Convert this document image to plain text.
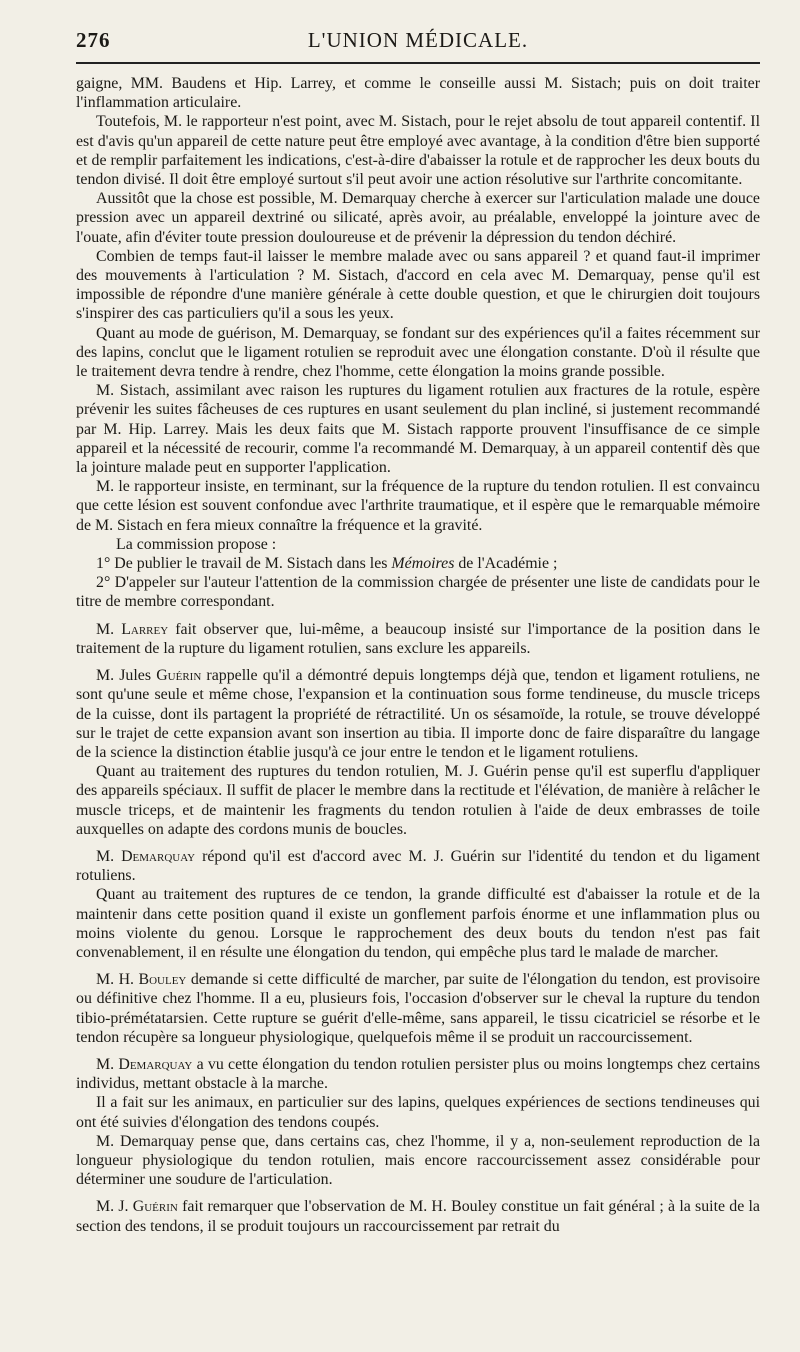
276	L'UNION MÉDICALE.

gaigne, MM. Baudens et Hip. Larrey, et comme le conseille aussi M. Sistach; puis on doit traiter l'inflammation articulaire.

Toutefois, M. le rapporteur n'est point, avec M. Sistach, pour le rejet absolu de tout appareil contentif. Il est d'avis qu'un appareil de cette nature peut être employé avec avantage, à la condition d'être bien supporté et de remplir parfaitement les indications, c'est-à-dire d'abaisser la rotule et de rapprocher les deux bouts du tendon divisé. Il doit être employé surtout s'il peut avoir une action résolutive sur l'arthrite concomitante.

Aussitôt que la chose est possible, M. Demarquay cherche à exercer sur l'articulation malade une douce pression avec un appareil dextriné ou silicaté, après avoir, au préalable, enveloppé la jointure avec de l'ouate, afin d'éviter toute pression douloureuse et de prévenir la dépression du tendon déchiré.

Combien de temps faut-il laisser le membre malade avec ou sans appareil ? et quand faut-il imprimer des mouvements à l'articulation ? M. Sistach, d'accord en cela avec M. Demarquay, pense qu'il est impossible de répondre d'une manière générale à cette double question, et que le chirurgien doit toujours s'inspirer des cas particuliers qu'il a sous les yeux.

Quant au mode de guérison, M. Demarquay, se fondant sur des expériences qu'il a faites récemment sur des lapins, conclut que le ligament rotulien se reproduit avec une élongation constante. D'où il résulte que le traitement devra tendre à rendre, chez l'homme, cette élongation la moins grande possible.

M. Sistach, assimilant avec raison les ruptures du ligament rotulien aux fractures de la rotule, espère prévenir les suites fâcheuses de ces ruptures en usant seulement du plan incliné, si justement recommandé par M. Hip. Larrey. Mais les deux faits que M. Sistach rapporte prouvent l'insuffisance de ce simple appareil et la nécessité de recourir, comme l'a recommandé M. Demarquay, à un appareil contentif dès que la jointure malade peut en supporter l'application.

M. le rapporteur insiste, en terminant, sur la fréquence de la rupture du tendon rotulien. Il est convaincu que cette lésion est souvent confondue avec l'arthrite traumatique, et il espère que le remarquable mémoire de M. Sistach en fera mieux connaître la fréquence et la gravité.

La commission propose :

1° De publier le travail de M. Sistach dans les Mémoires de l'Académie ;

2° D'appeler sur l'auteur l'attention de la commission chargée de présenter une liste de candidats pour le titre de membre correspondant.

M. Larrey fait observer que, lui-même, a beaucoup insisté sur l'importance de la position dans le traitement de la rupture du ligament rotulien, sans exclure les appareils.

M. Jules Guérin rappelle qu'il a démontré depuis longtemps déjà que, tendon et ligament rotuliens, ne sont qu'une seule et même chose, l'expansion et la continuation sous forme tendineuse, du muscle triceps de la cuisse, dont ils partagent la propriété de rétractilité. Un os sésamoïde, la rotule, se trouve développé sur le trajet de cette expansion avant son insertion au tibia. Il importe donc de faire disparaître du langage de la science la distinction établie jusqu'à ce jour entre le tendon et le ligament rotuliens.

Quant au traitement des ruptures du tendon rotulien, M. J. Guérin pense qu'il est superflu d'appliquer des appareils spéciaux. Il suffit de placer le membre dans la rectitude et l'élévation, de manière à relâcher le muscle triceps, et de maintenir les fragments du tendon rotulien à l'aide de deux embrasses de toile auxquelles on adapte des cordons munis de boucles.

M. Demarquay répond qu'il est d'accord avec M. J. Guérin sur l'identité du tendon et du ligament rotuliens.

Quant au traitement des ruptures de ce tendon, la grande difficulté est d'abaisser la rotule et de la maintenir dans cette position quand il existe un gonflement parfois énorme et une inflammation plus ou moins violente du genou. Lorsque le rapprochement des deux bouts du tendon n'est pas fait convenablement, il en résulte une élongation du tendon, qui empêche plus tard le malade de marcher.

M. H. Bouley demande si cette difficulté de marcher, par suite de l'élongation du tendon, est provisoire ou définitive chez l'homme. Il a eu, plusieurs fois, l'occasion d'observer sur le cheval la rupture du tendon tibio-prémétatarsien. Cette rupture se guérit d'elle-même, sans appareil, le tissu cicatriciel se résorbe et le tendon récupère sa longueur physiologique, quelquefois même il se produit un raccourcissement.

M. Demarquay a vu cette élongation du tendon rotulien persister plus ou moins longtemps chez certains individus, mettant obstacle à la marche.

Il a fait sur les animaux, en particulier sur des lapins, quelques expériences de sections tendineuses qui ont été suivies d'élongation des tendons coupés.

M. Demarquay pense que, dans certains cas, chez l'homme, il y a, non-seulement reproduction de la longueur physiologique du tendon rotulien, mais encore raccourcissement assez considérable pour déterminer une soudure de l'articulation.

M. J. Guérin fait remarquer que l'observation de M. H. Bouley constitue un fait général ; à la suite de la section des tendons, il se produit toujours un raccourcissement par retrait du
